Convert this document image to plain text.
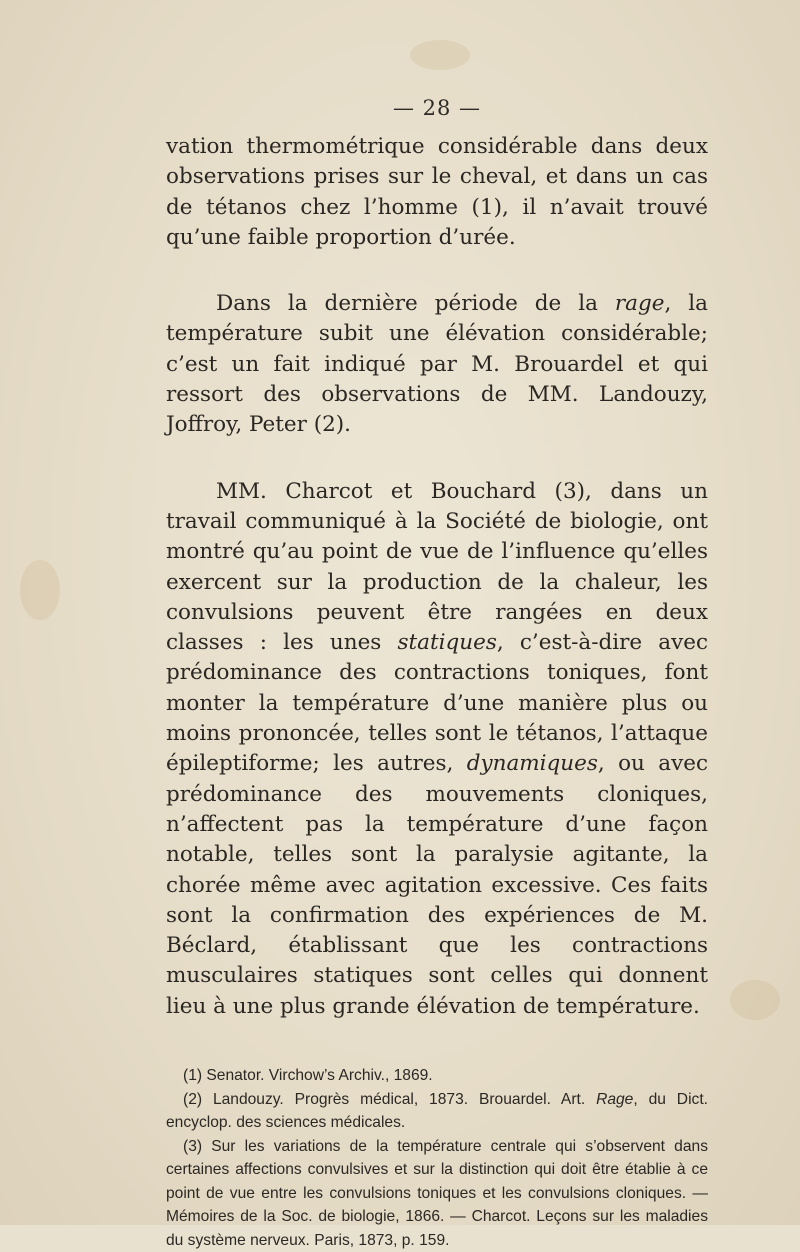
— 28 —

vation thermométrique considérable dans deux observations prises sur le cheval, et dans un cas de tétanos chez l’homme (1), il n’avait trouvé qu’une faible proportion d’urée.

Dans la dernière période de la rage, la température subit une élévation considérable; c’est un fait indiqué par M. Brouardel et qui ressort des observations de MM. Landouzy, Joffroy, Peter (2).

MM. Charcot et Bouchard (3), dans un travail communiqué à la Société de biologie, ont montré qu’au point de vue de l’influence qu’elles exercent sur la production de la chaleur, les convulsions peuvent être rangées en deux classes : les unes statiques, c’est-à-dire avec prédominance des contractions toniques, font monter la température d’une manière plus ou moins prononcée, telles sont le tétanos, l’attaque épileptiforme; les autres, dynamiques, ou avec prédominance des mouvements cloniques, n’affectent pas la température d’une façon notable, telles sont la paralysie agitante, la chorée même avec agitation excessive. Ces faits sont la confirmation des expériences de M. Béclard, établissant que les contractions musculaires statiques sont celles qui donnent lieu à une plus grande élévation de température.

(1) Senator. Virchow’s Archiv., 1869.

(2) Landouzy. Progrès médical, 1873. Brouardel. Art. Rage, du Dict. encyclop. des sciences médicales.

(3) Sur les variations de la température centrale qui s’observent dans certaines affections convulsives et sur la distinction qui doit être établie à ce point de vue entre les convulsions toniques et les convulsions cloniques. — Mémoires de la Soc. de biologie, 1866. — Charcot. Leçons sur les maladies du système nerveux. Paris, 1873, p. 159.
